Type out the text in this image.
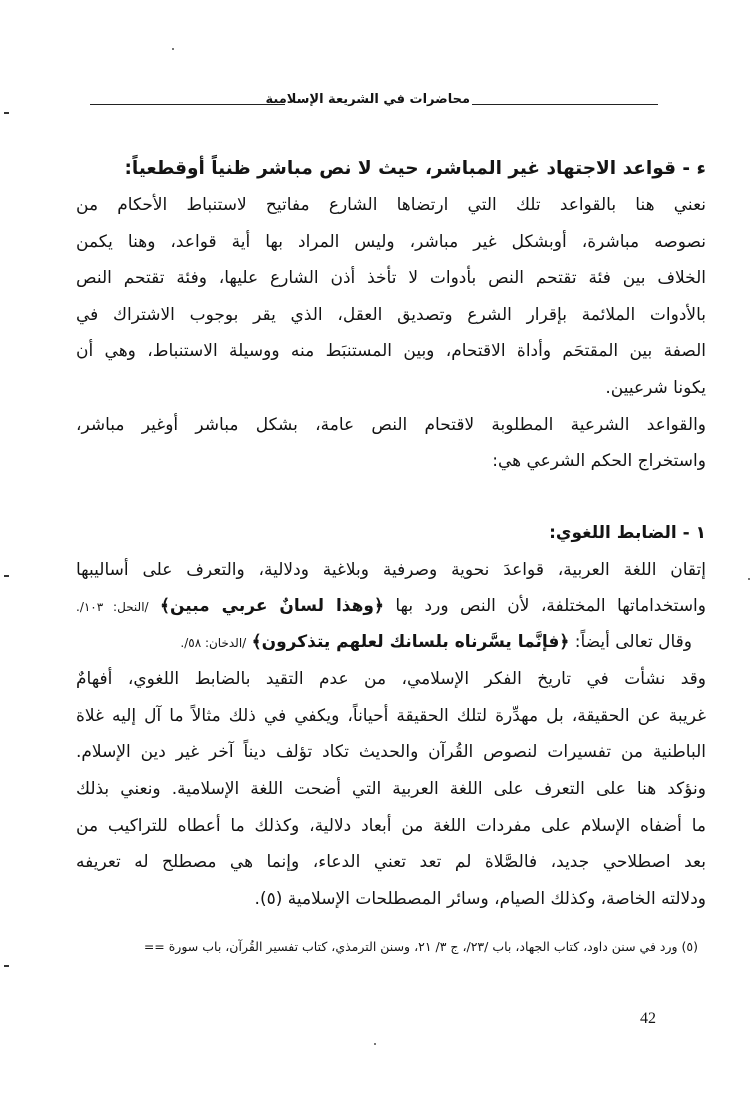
محاضرات في الشريعة الإسلامية
ء - قواعد الاجتهاد غير المباشر، حيث لا نص مباشر ظنياً أوقطعياً:
نعني هنا بالقواعد تلك التي ارتضاها الشارع مفاتيح لاستنباط الأحكام من
نصوصه مباشرة، أوبشكل غير مباشر، وليس المراد بها أية قواعد، وهنا يكمن
الخلاف بين فئة تقتحم النص بأدوات لا تأخذ أذن الشارع عليها، وفئة تقتحم النص
بالأدوات الملائمة بإقرار الشرع وتصديق العقل، الذي يقر بوجوب الاشتراك في
الصفة بين المقتحَم وأداة الاقتحام، وبين المستنبَط منه ووسيلة الاستنباط، وهي أن
يكونا شرعيين.
والقواعد الشرعية المطلوبة لاقتحام النص عامة، بشكل مباشر أوغير مباشر،
واستخراج الحكم الشرعي هي:
١ - الضابط اللغوي:
إتقان اللغة العربية، قواعدَ نحوية وصرفية وبلاغية ودلالية، والتعرف على أساليبها
واستخداماتها المختلفة، لأن النص ورد بها ﴿وهذا لسانٌ عربي مبين﴾ /النحل: ١٠٣/.
وقال تعالى أيضاً: ﴿فإنَّما يسَّرناه بلسانك لعلهم يتذكرون﴾ /الدخان: ٥٨/.
وقد نشأت في تاريخ الفكر الإسلامي، من عدم التقيد بالضابط اللغوي، أفهامٌ
غريبة عن الحقيقة، بل مهدِّرة لتلك الحقيقة أحياناً، ويكفي في ذلك مثالاً ما آل إليه غلاة
الباطنية من تفسيرات لنصوص القُرآن والحديث تكاد تؤلف ديناً آخر غير دين الإسلام.
ونؤكد هنا على التعرف على اللغة العربية التي أضحت اللغة الإسلامية. ونعني بذلك
ما أضفاه الإسلام على مفردات اللغة من أبعاد دلالية، وكذلك ما أعطاه للتراكيب من
بعد اصطلاحي جديد، فالصَّلاة لم تعد تعني الدعاء، وإنما هي مصطلح له تعريفه
ودلالته الخاصة، وكذلك الصيام، وسائر المصطلحات الإسلامية (٥).
(٥) ورد في سنن داود، كتاب الجهاد، باب /٢٣/، ج ٣/ ٢١، وسنن الترمذي، كتاب تفسير القُرآن، باب سورة ==
42
